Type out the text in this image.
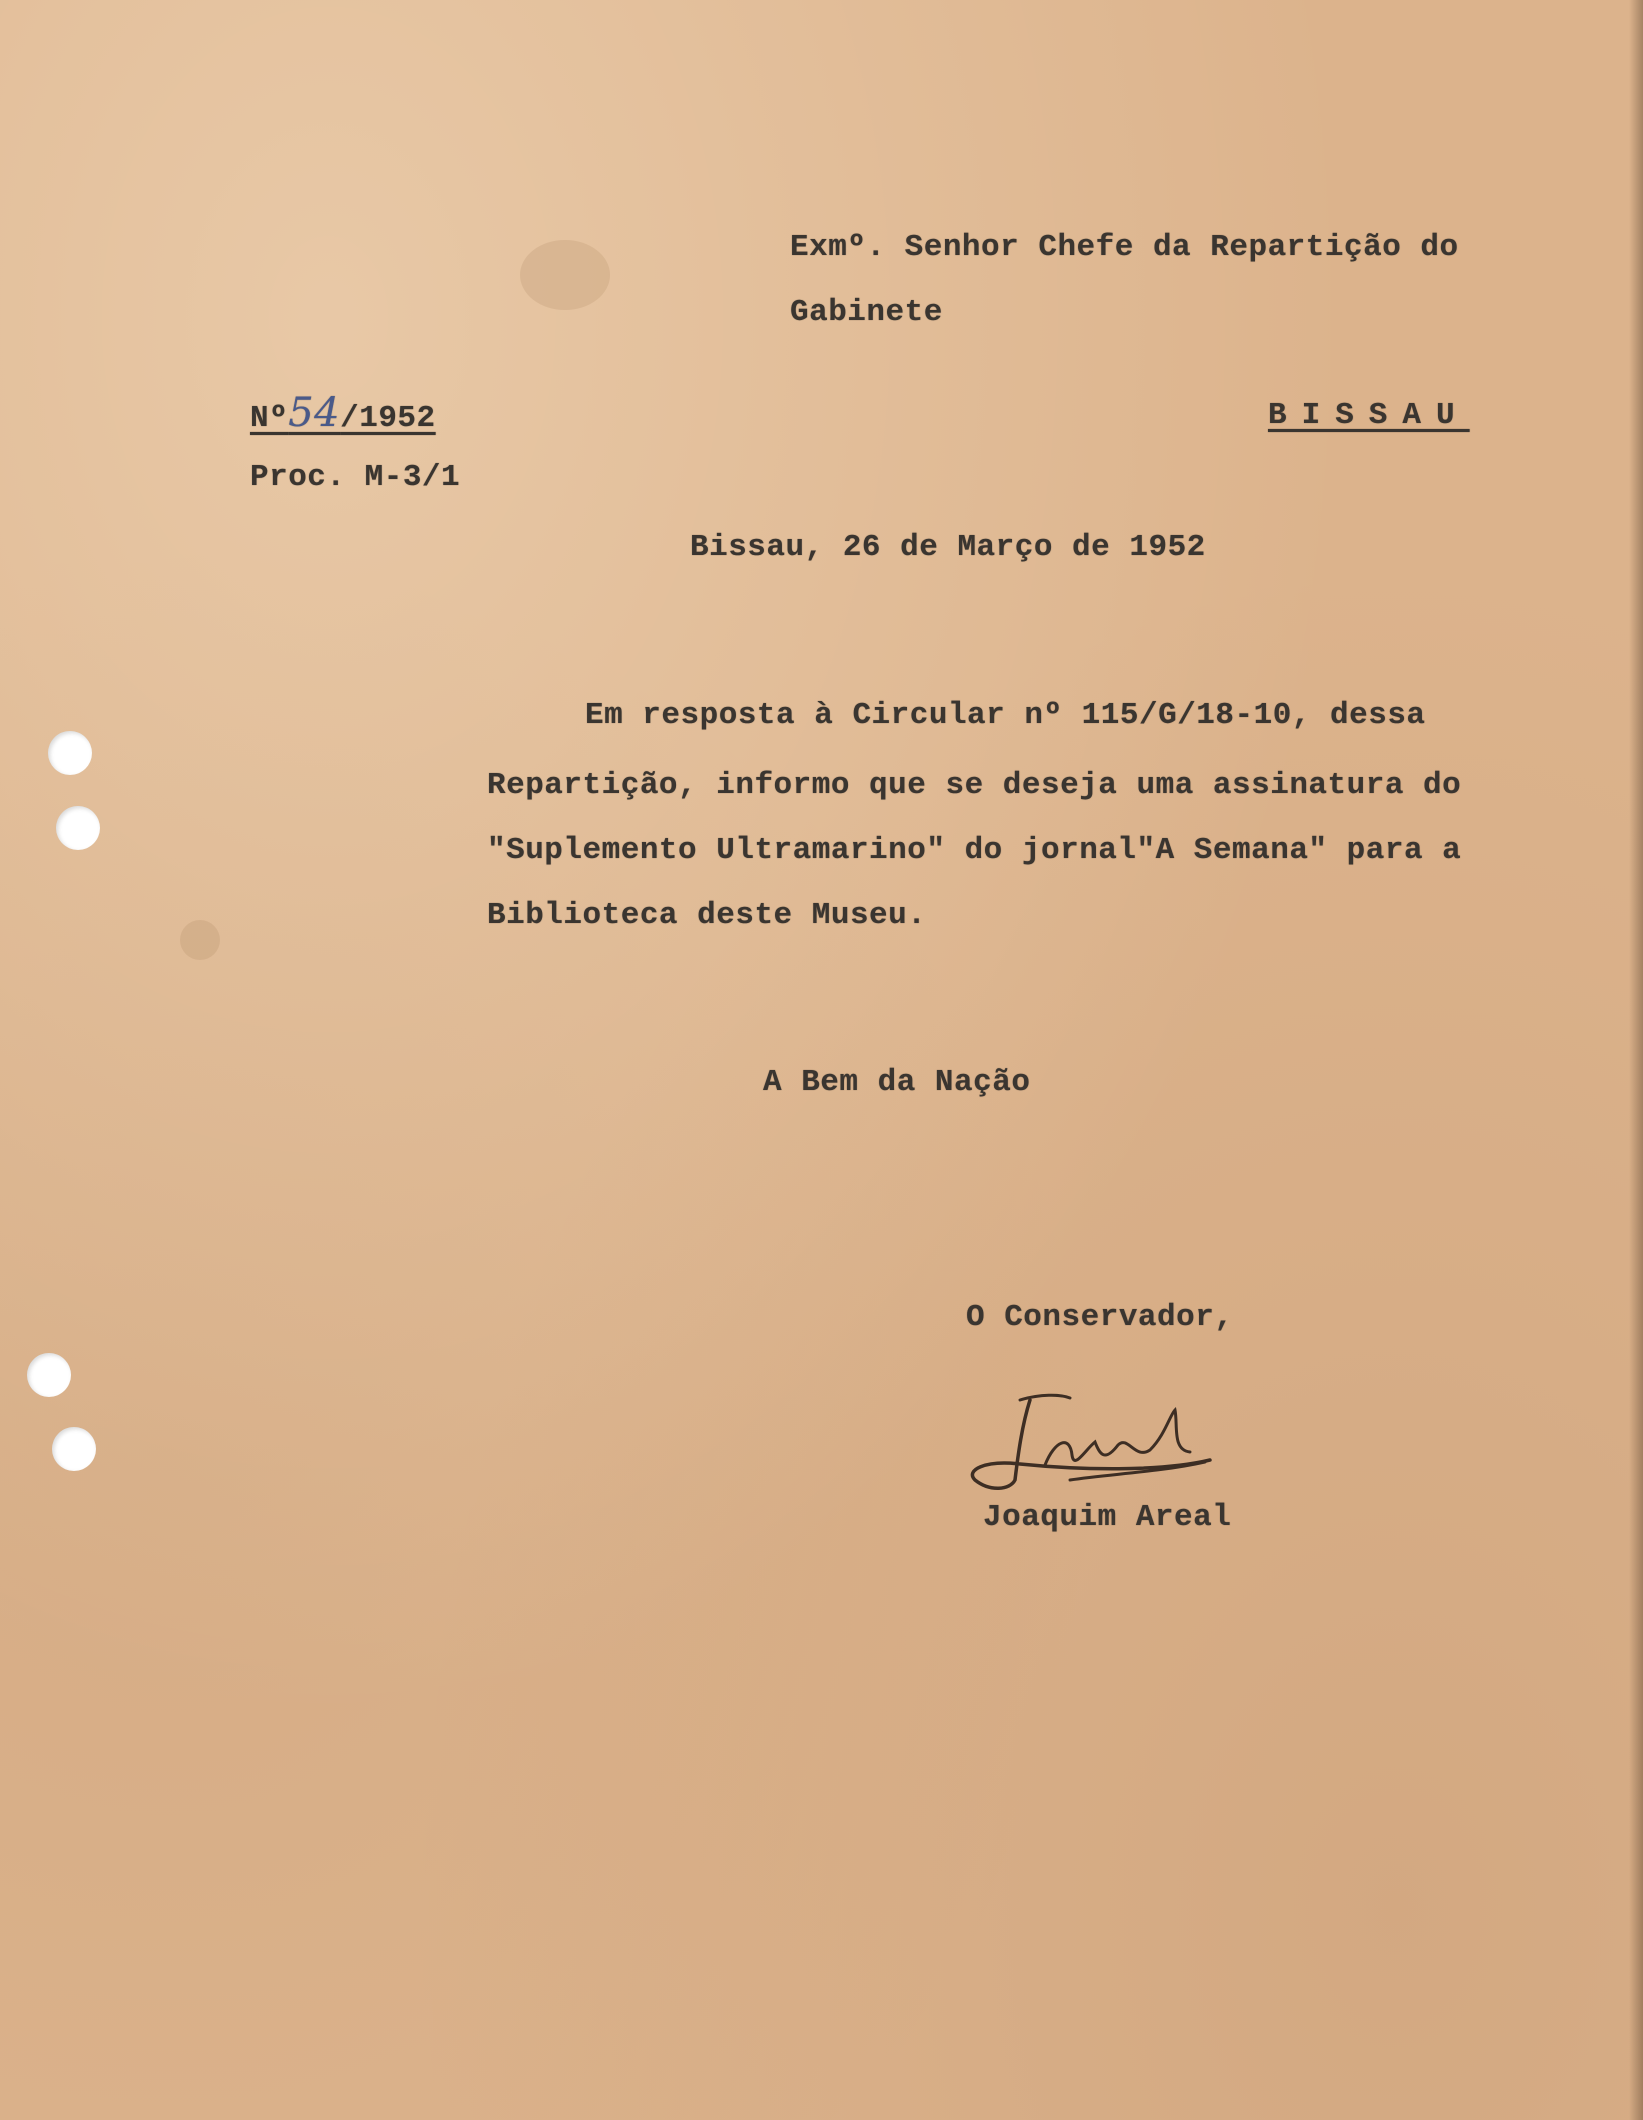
Exmº. Senhor Chefe da Repartição do
Gabinete
Nº54/1952	BISSAU
Proc. M-3/1
Bissau, 26 de Março de 1952
Em resposta à Circular nº 115/G/18-10, dessa
Repartição, informo que se deseja uma assinatura do
"Suplemento Ultramarino" do jornal"A Semana" para a
Biblioteca deste Museu.
A Bem da Nação
O Conservador,
Joaquim Areal
